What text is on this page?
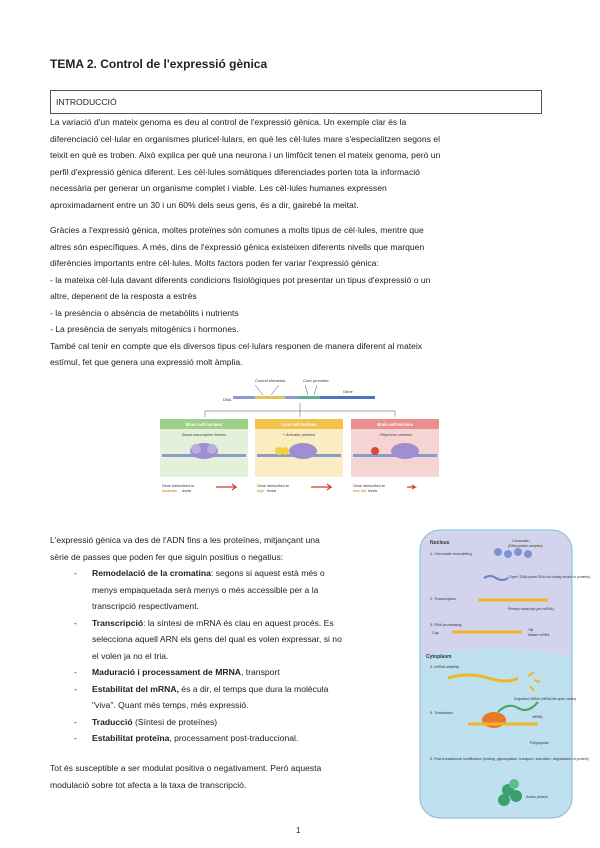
TEMA 2. Control de l'expressió gènica
INTRODUCCIÓ
La variació d'un mateix genoma es deu al control de l'expressió gènica. Un exemple clar és la
diferenciació cel·lular en organismes pluricel·lulars, en què les cèl·lules mare s'especialitzen segons el
teixit en què es troben. Això explica per què una neurona i un limfòcit tenen el mateix genoma, però un
perfil d'expressió gènica diferent. Les cèl·lules somàtiques diferenciades porten tota la informació
necessària per generar un organisme complet i viable. Les cèl·lules humanes expressen
aproximadament entre un 30 i un 60% dels seus gens, és a dir, gairebé la meitat.
Gràcies a l'expressió gènica, moltes proteïnes són comunes a molts tipus de cèl·lules, mentre que
altres són específiques. A més, dins de l'expressió gènica existeixen diferents nivells que marquen
diferències importants entre cèl·lules. Molts factors poden fer variar l'expressió gènica:
- la mateixa cèl·lula davant diferents condicions fisiològiques pot presentar un tipus d'expressió o un
altre, depenent de la resposta a estrès
- la presència o absència de metabòlits i nutrients
- La presència de senyals mitogènics i hormones.
També cal tenir en compte que els diversos tipus cel·lulars responen de manera diferent al mateix
estímul, fet que genera una expressió molt àmplia.
Control elements	Core promoter
Gene
DNA
Brain cell nucleus
Basal transcription factors
Gene transcribed at
moderate levels
Liver cell nucleus
+ Activator proteins
Gene transcribed at
high levels
Brain cell nucleus
- Repressor proteins
Gene transcribed at
very low levels
L'expressió gènica va des de l'ADN fins a les proteïnes, mitjançant una
sèrie de passes que poden fer que siguin positius o negatius:
- Remodelació de la cromatina: segons si aquest està més o
menys empaquetada serà menys o més accessible per a la
transcripció respectivament.
- Transcripció: la síntesi de mRNA és clau en aquest procés. Es
selecciona aquell ARN els gens del qual es volen expressar, si no
el volen ja no el tria.
- Maduració i processament de MRNA, transport
- Estabilitat del mRNA, és a dir, el temps que dura la molècula
"viva". Quant més temps, més expressió.
- Traducció (Síntesi de proteïnes)
- Estabilitat proteïna, processament post-traduccional.
Tot és susceptible a ser modulat positiva o negativament. Però aquesta
modulació sobre tot afecta a la taxa de transcripció.
Nucleus	Chromatin
(DNA-protein complex)
1. Chromatin remodeling
"Open" DNA (some DNA not closely bound to proteins)
2. Transcription
Primary transcript (pre-mRNA)
3. RNA processing
Cap
Tail
Mature mRNA
Cytoplasm
4. mRNA stability
Degraded mRNA (mRNA life span varies)
5. Translation
mRNA
Polypeptide
6. Post-translational modification (folding, glycosylation, transport, activation, degradation of protein)
Active protein
1
